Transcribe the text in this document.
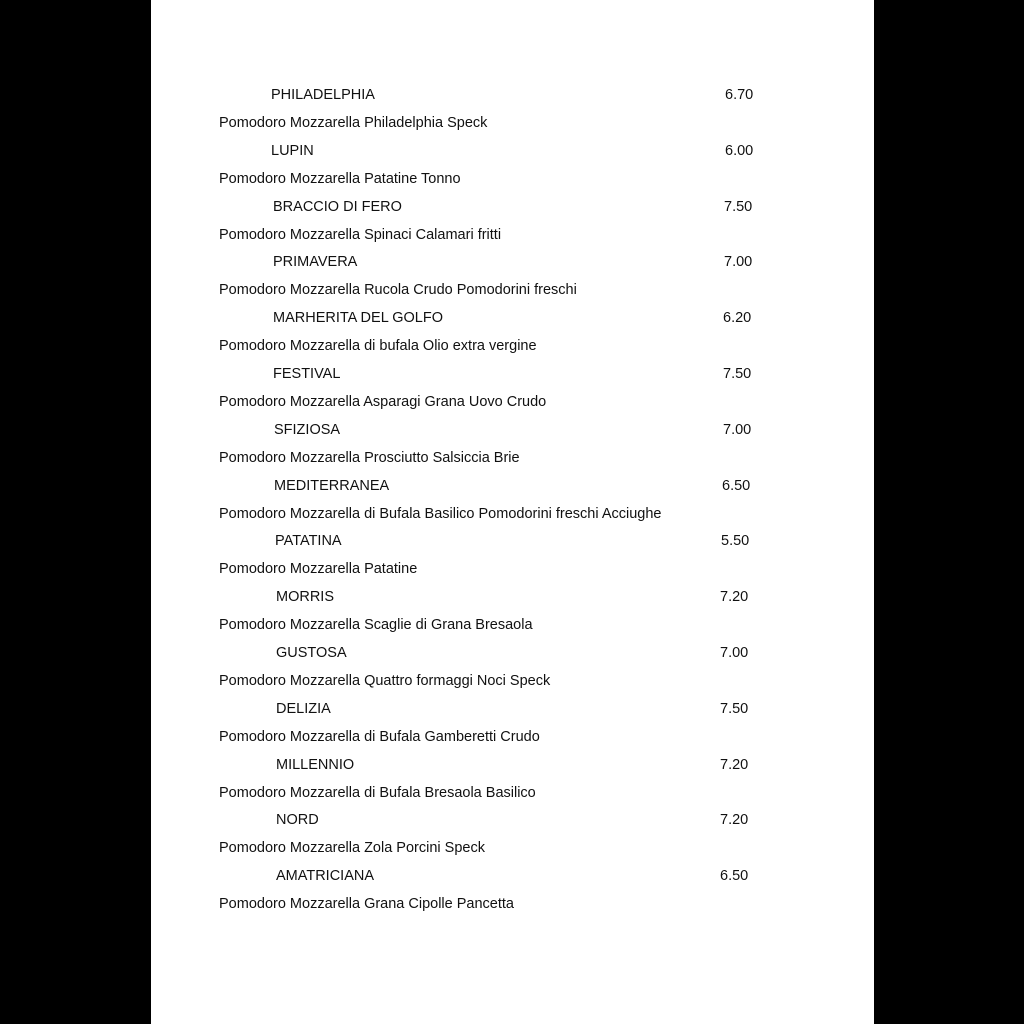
PHILADELPHIA	6.70
Pomodoro Mozzarella Philadelphia Speck
LUPIN	6.00
Pomodoro Mozzarella Patatine Tonno
BRACCIO DI FERO	7.50
Pomodoro Mozzarella Spinaci Calamari fritti
PRIMAVERA	7.00
Pomodoro Mozzarella Rucola Crudo Pomodorini freschi
MARHERITA DEL GOLFO	6.20
Pomodoro Mozzarella di bufala Olio extra vergine
FESTIVAL	7.50
Pomodoro Mozzarella Asparagi Grana Uovo Crudo
SFIZIOSA	7.00
Pomodoro Mozzarella Prosciutto Salsiccia Brie
MEDITERRANEA	6.50
Pomodoro Mozzarella di Bufala Basilico Pomodorini freschi Acciughe
PATATINA	5.50
Pomodoro Mozzarella Patatine
MORRIS	7.20
Pomodoro Mozzarella Scaglie di Grana Bresaola
GUSTOSA	7.00
Pomodoro Mozzarella Quattro formaggi Noci Speck
DELIZIA	7.50
Pomodoro Mozzarella di Bufala Gamberetti Crudo
MILLENNIO	7.20
Pomodoro Mozzarella di Bufala Bresaola Basilico
NORD	7.20
Pomodoro Mozzarella Zola Porcini Speck
AMATRICIANA	6.50
Pomodoro Mozzarella Grana Cipolle Pancetta
